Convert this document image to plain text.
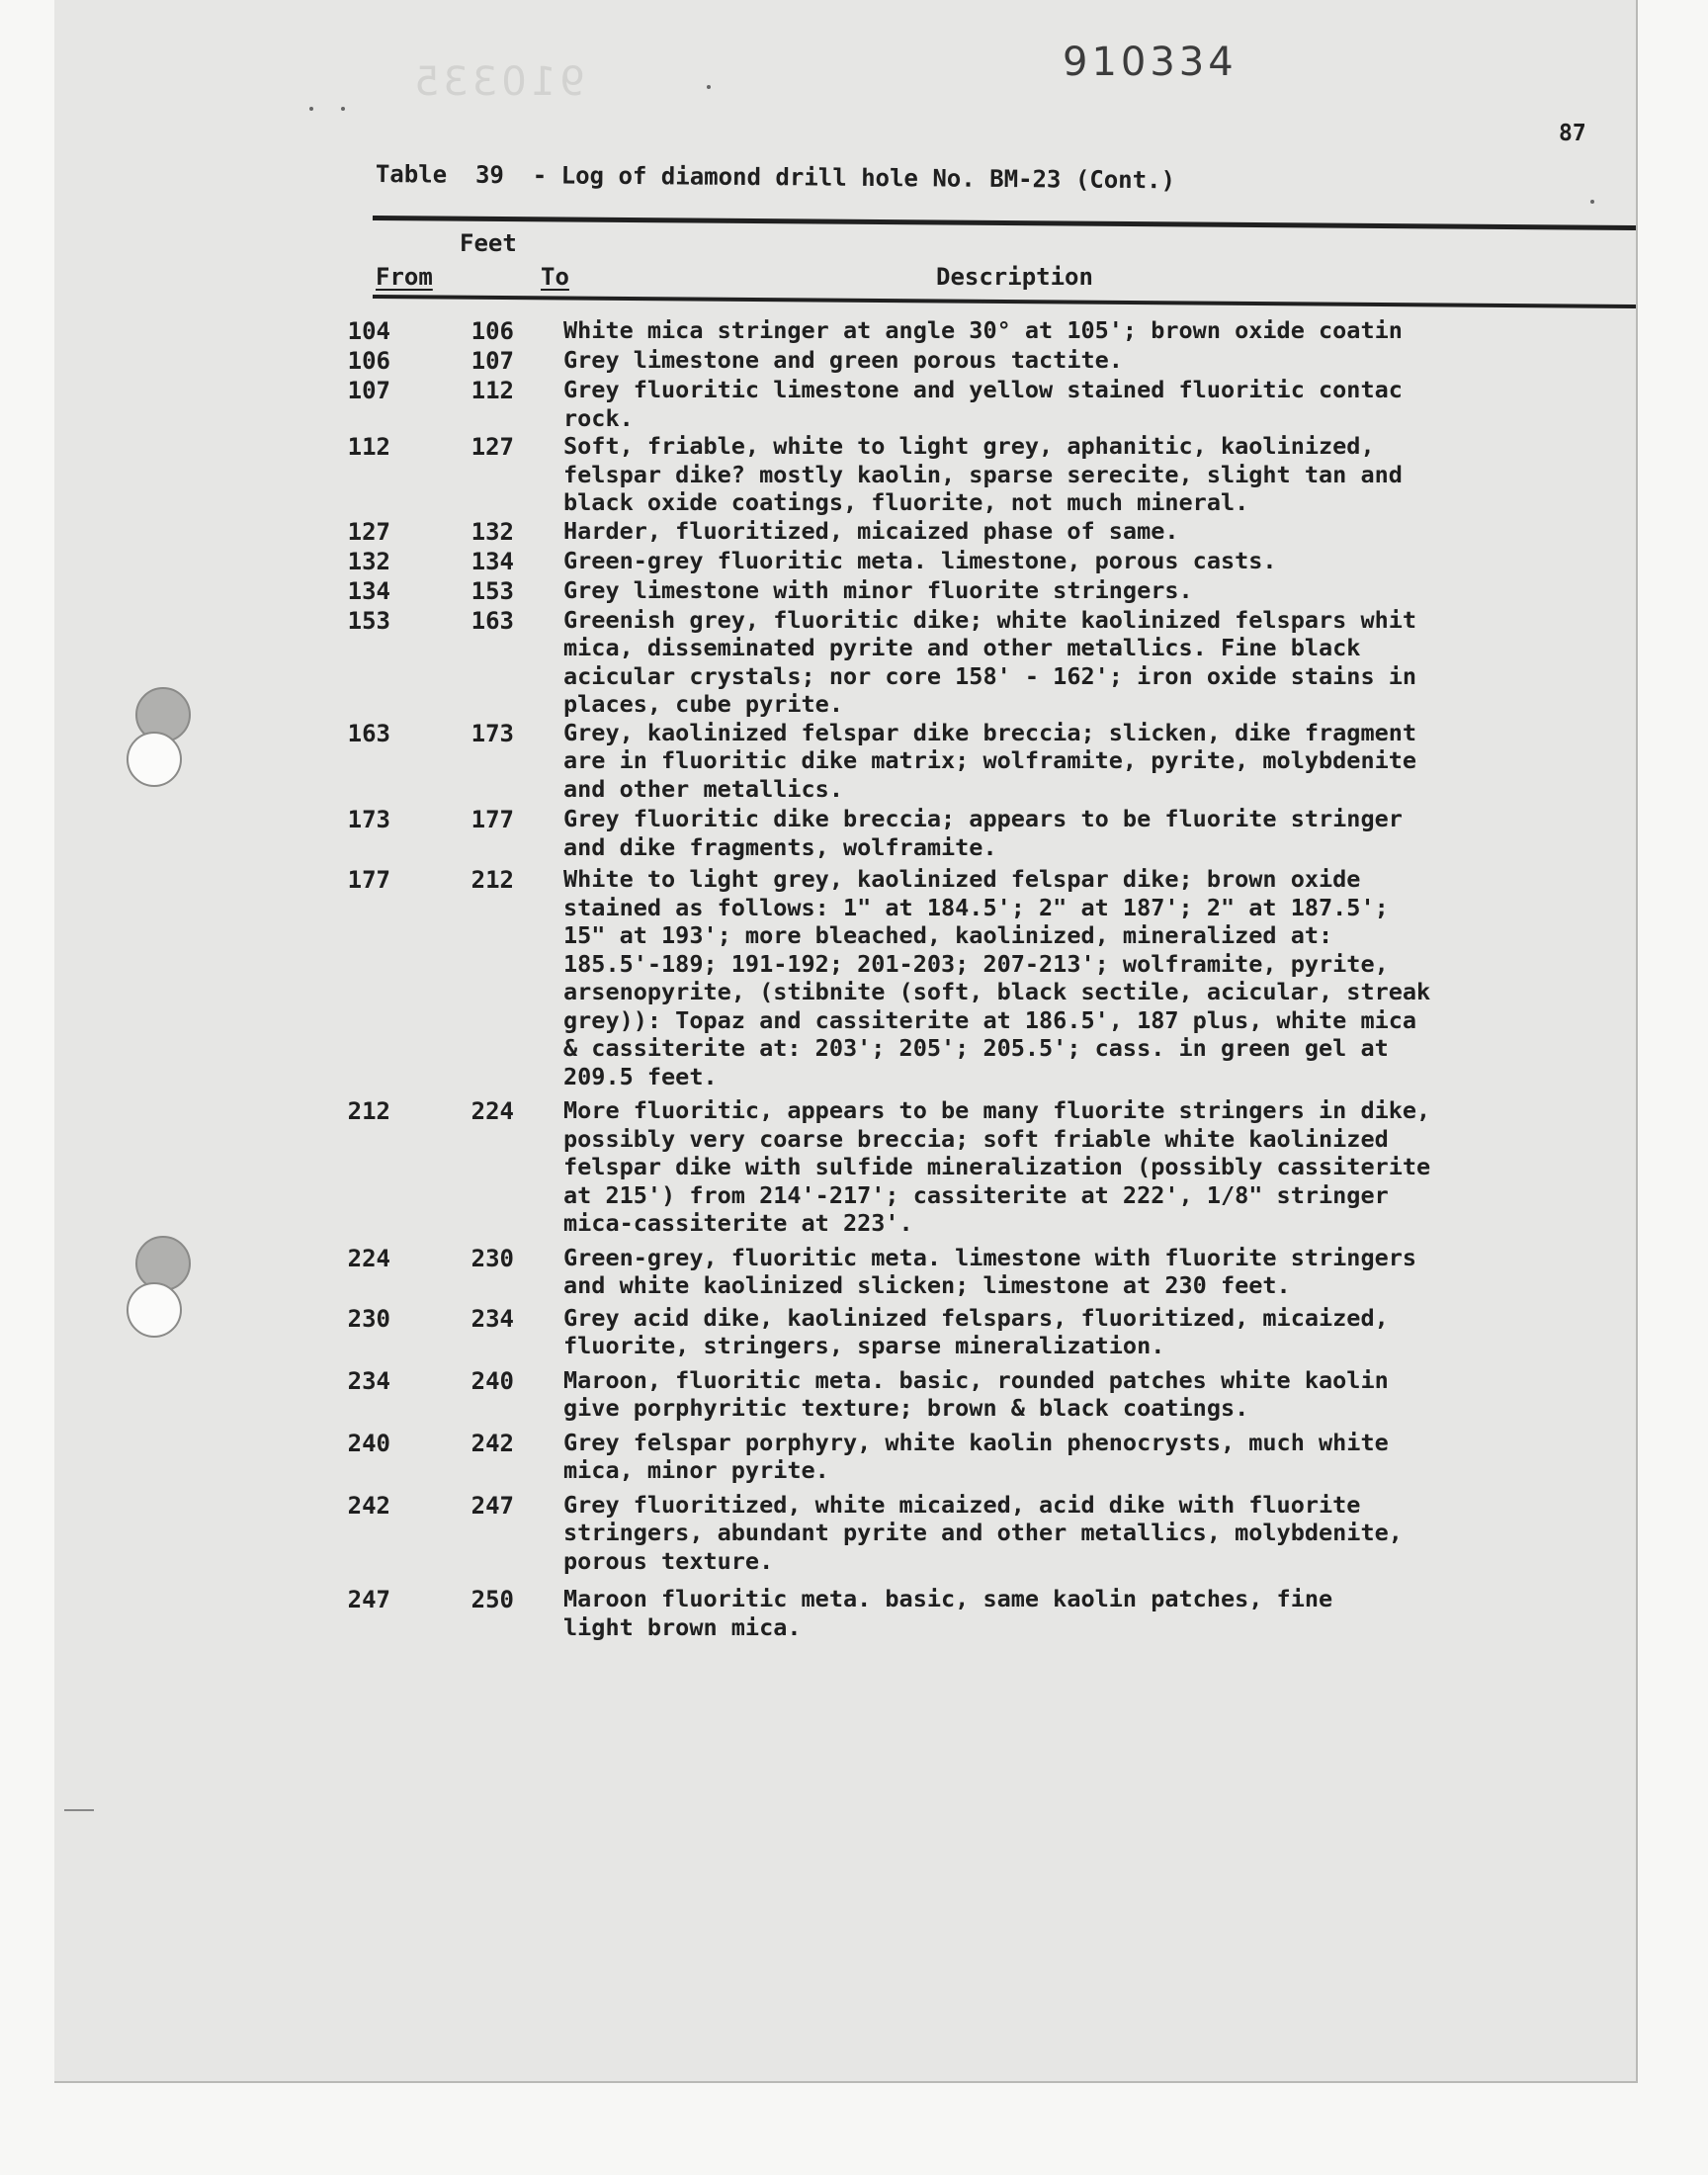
910335	910334
87
Table  39  - Log of diamond drill hole No. BM-23 (Cont.)
Feet
From	To	Description
104	106 White mica stringer at angle 30° at 105'; brown oxide coatin
106	107 Grey limestone and green porous tactite.
107	112 Grey fluoritic limestone and yellow stained fluoritic contac
rock.
112	127 Soft, friable, white to light grey, aphanitic, kaolinized,
felspar dike? mostly kaolin, sparse serecite, slight tan and
black oxide coatings, fluorite, not much mineral.
127	132 Harder, fluoritized, micaized phase of same.
132	134 Green-grey fluoritic meta. limestone, porous casts.
134	153 Grey limestone with minor fluorite stringers.
153	163 Greenish grey, fluoritic dike; white kaolinized felspars whit
mica, disseminated pyrite and other metallics. Fine black
acicular crystals; nor core 158' - 162'; iron oxide stains in
places, cube pyrite.
163	173 Grey, kaolinized felspar dike breccia; slicken, dike fragment
are in fluoritic dike matrix; wolframite, pyrite, molybdenite
and other metallics.
173	177 Grey fluoritic dike breccia; appears to be fluorite stringer
and dike fragments, wolframite.
177	212 White to light grey, kaolinized felspar dike; brown oxide
stained as follows: 1" at 184.5'; 2" at 187'; 2" at 187.5';
15" at 193'; more bleached, kaolinized, mineralized at:
185.5'-189; 191-192; 201-203; 207-213'; wolframite, pyrite,
arsenopyrite, (stibnite (soft, black sectile, acicular, streak
grey)): Topaz and cassiterite at 186.5', 187 plus, white mica
& cassiterite at: 203'; 205'; 205.5'; cass. in green gel at
209.5 feet.
212	224 More fluoritic, appears to be many fluorite stringers in dike,
possibly very coarse breccia; soft friable white kaolinized
felspar dike with sulfide mineralization (possibly cassiterite
at 215') from 214'-217'; cassiterite at 222', 1/8" stringer
mica-cassiterite at 223'.
224	230 Green-grey, fluoritic meta. limestone with fluorite stringers
and white kaolinized slicken; limestone at 230 feet.
230	234 Grey acid dike, kaolinized felspars, fluoritized, micaized,
fluorite, stringers, sparse mineralization.
234	240 Maroon, fluoritic meta. basic, rounded patches white kaolin
give porphyritic texture; brown & black coatings.
240	242 Grey felspar porphyry, white kaolin phenocrysts, much white
mica, minor pyrite.
242	247 Grey fluoritized, white micaized, acid dike with fluorite
stringers, abundant pyrite and other metallics, molybdenite,
porous texture.
247	250 Maroon fluoritic meta. basic, same kaolin patches, fine
light brown mica.
